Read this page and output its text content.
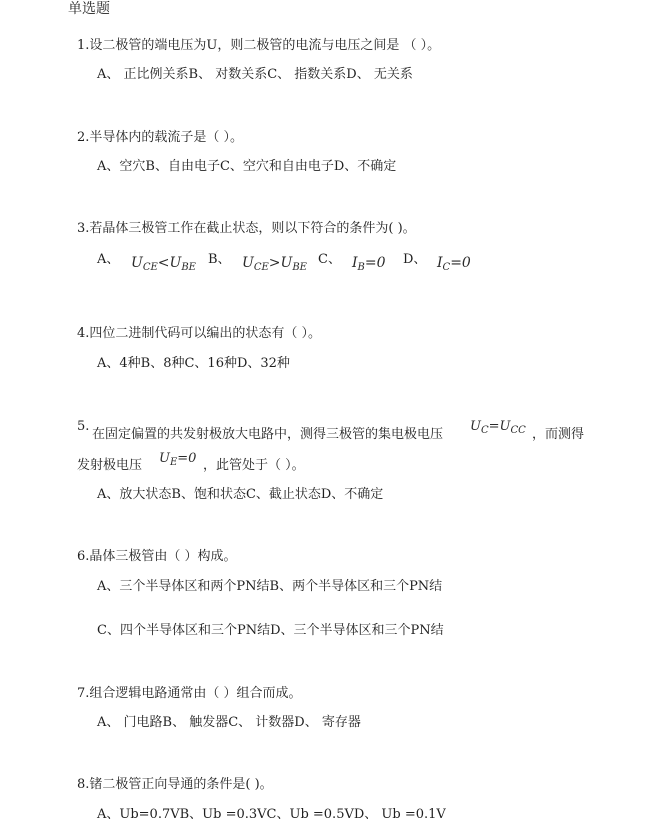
单选题
1.设二极管的端电压为U，则二极管的电流与电压之间是 （ ）。
A、 正比例关系B、 对数关系C、 指数关系D、 无关系
2.半导体内的载流子是（ ）。
A、空穴B、自由电子C、空穴和自由电子D、不确定
3.若晶体三极管工作在截止状态，则以下符合的条件为( )。
A、 $U_{CE}<U_{BE}$
B、 $U_{CE}>U_{BE}$
C、 $I_B=0$ D、 $I_C=0$
4.四位二进制代码可以编出的状态有（ ）。
A、4种B、8种C、16种D、32种
5.
在固定偏置的共发射极放大电路中，测得三极管的集电极电压
$U_C=U_{CC}$ ，而测得
发射极电压 $U_E=0$ ，此管处于（ ）。
A、放大状态B、饱和状态C、截止状态D、不确定
6.晶体三极管由（ ）构成。
A、三个半导体区和两个PN结B、两个半导体区和三个PN结
C、四个半导体区和三个PN结D、三个半导体区和三个PN结
7.组合逻辑电路通常由（ ）组合而成。
A、 门电路B、 触发器C、 计数器D、 寄存器
8.锗二极管正向导通的条件是( )。
A、Ub=0.7VB、Ub =0.3VC、Ub =0.5VD、 Ub =0.1V
